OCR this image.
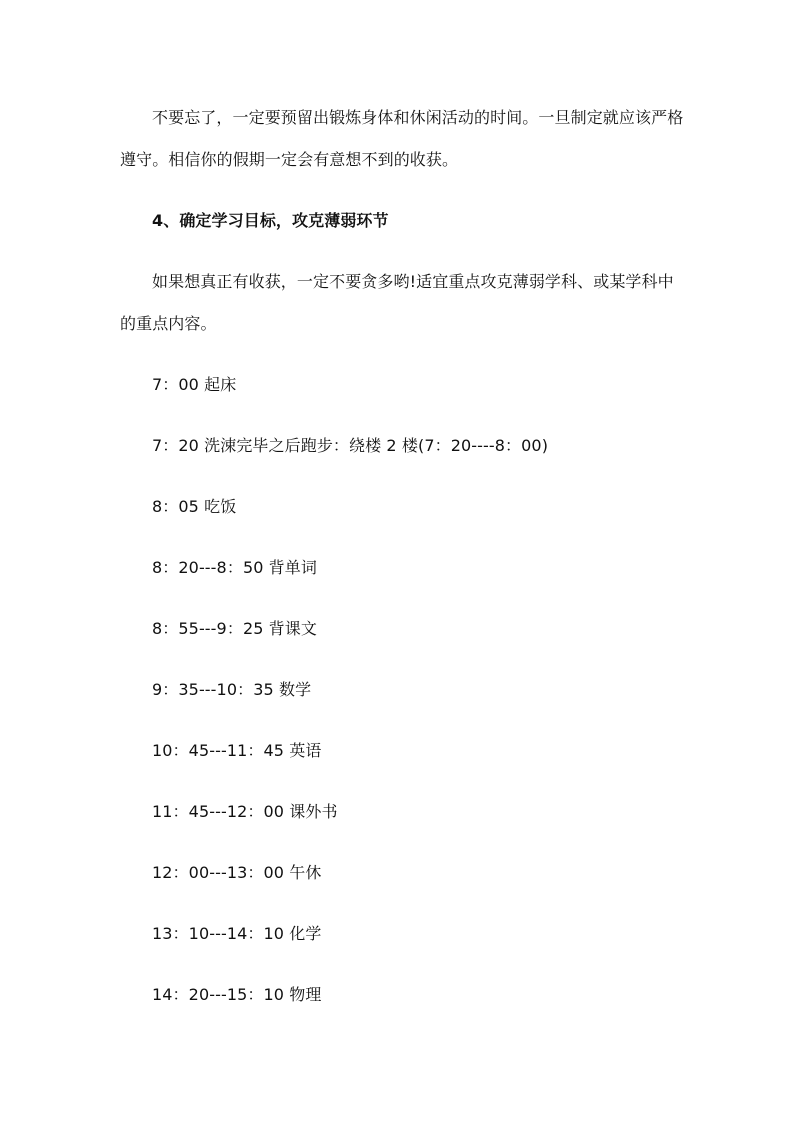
不要忘了，一定要预留出锻炼身体和休闲活动的时间。一旦制定就应该严格
遵守。相信你的假期一定会有意想不到的收获。
4、确定学习目标，攻克薄弱环节
如果想真正有收获，一定不要贪多哟!适宜重点攻克薄弱学科、或某学科中
的重点内容。
7：00 起床
7：20 洗涑完毕之后跑步：绕楼 2 楼(7：20----8：00)
8：05 吃饭
8：20---8：50 背单词
8：55---9：25 背课文
9：35---10：35 数学
10：45---11：45 英语
11：45---12：00 课外书
12：00---13：00 午休
13：10---14：10 化学
14：20---15：10 物理
